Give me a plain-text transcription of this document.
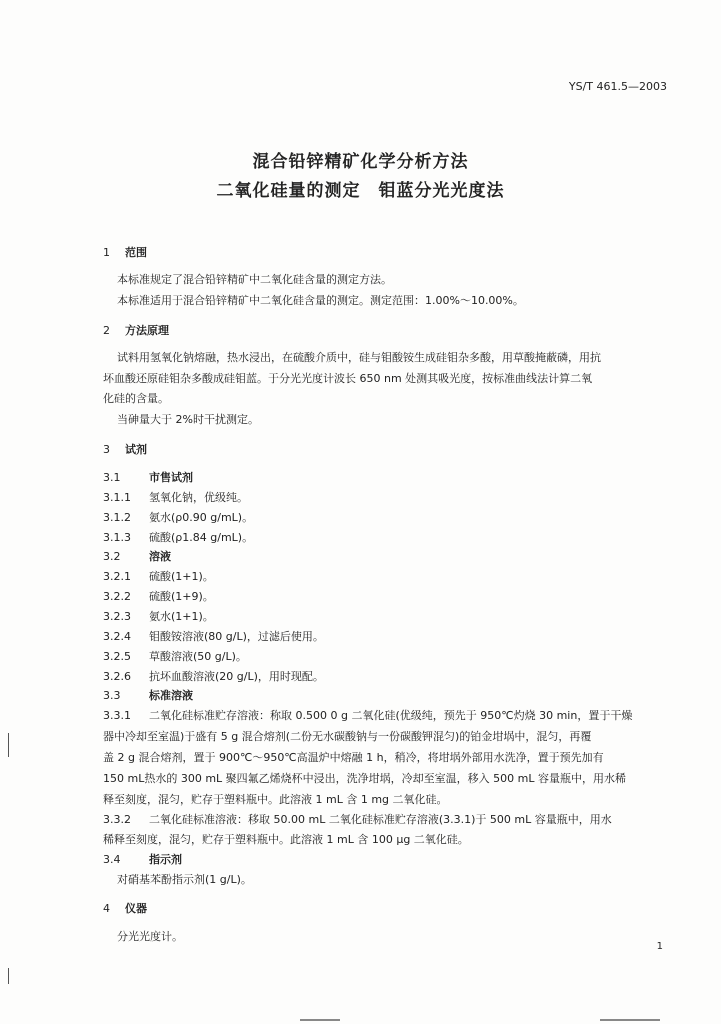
YS/T 461.5—2003
混合铅锌精矿化学分析方法
二氧化硅量的测定　钼蓝分光光度法
1 范围
本标准规定了混合铅锌精矿中二氧化硅含量的测定方法。
本标准适用于混合铅锌精矿中二氧化硅含量的测定。测定范围：1.00%～10.00%。
2 方法原理
试料用氢氧化钠熔融，热水浸出，在硫酸介质中，硅与钼酸铵生成硅钼杂多酸，用草酸掩蔽磷，用抗
坏血酸还原硅钼杂多酸成硅钼蓝。于分光光度计波长 650 nm 处测其吸光度，按标准曲线法计算二氧
化硅的含量。
当砷量大于 2%时干扰测定。
3 试剂
3.1	市售试剂
3.1.1 氢氧化钠，优级纯。
3.1.2 氨水(ρ0.90 g/mL)。
3.1.3 硫酸(ρ1.84 g/mL)。
3.2	溶液
3.2.1 硫酸(1+1)。
3.2.2 硫酸(1+9)。
3.2.3 氨水(1+1)。
3.2.4 钼酸铵溶液(80 g/L)，过滤后使用。
3.2.5 草酸溶液(50 g/L)。
3.2.6 抗坏血酸溶液(20 g/L)，用时现配。
3.3	标准溶液
3.3.1 二氧化硅标准贮存溶液：称取 0.500 0 g 二氧化硅(优级纯，预先于 950℃灼烧 30 min，置于干燥
器中冷却至室温)于盛有 5 g 混合熔剂(二份无水碳酸钠与一份碳酸钾混匀)的铂金坩埚中，混匀，再覆
盖 2 g 混合熔剂，置于 900℃～950℃高温炉中熔融 1 h，稍冷，将坩埚外部用水洗净，置于预先加有
150 mL热水的 300 mL 聚四氟乙烯烧杯中浸出，洗净坩埚，冷却至室温，移入 500 mL 容量瓶中，用水稀
释至刻度，混匀，贮存于塑料瓶中。此溶液 1 mL 含 1 mg 二氧化硅。
3.3.2 二氧化硅标准溶液：移取 50.00 mL 二氧化硅标准贮存溶液(3.3.1)于 500 mL 容量瓶中，用水
稀释至刻度，混匀，贮存于塑料瓶中。此溶液 1 mL 含 100 μg 二氧化硅。
3.4	指示剂
对硝基苯酚指示剂(1 g/L)。
4 仪器
分光光度计。
1
